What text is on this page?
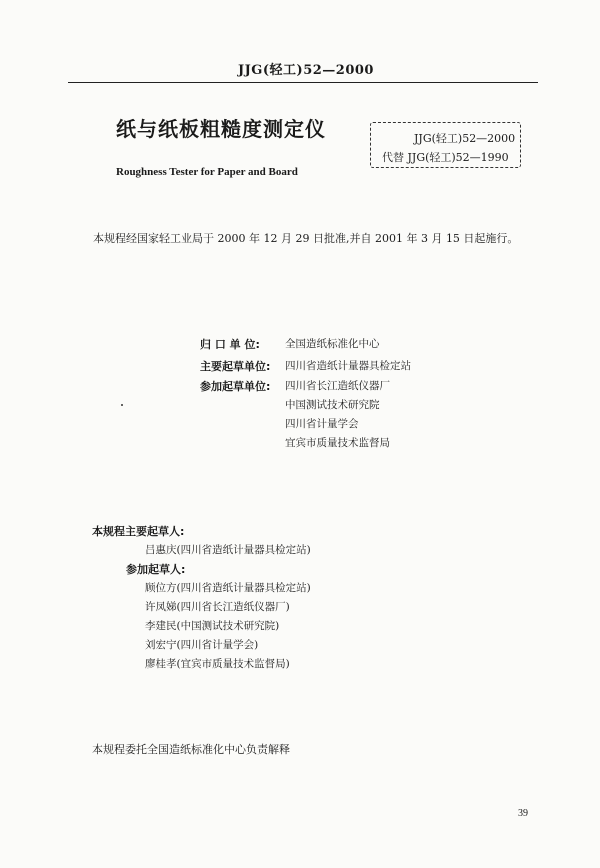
JJG(轻工)52—2000
纸与纸板粗糙度测定仪
Roughness Tester for Paper and Board
JJG(轻工)52—2000
代替 JJG(轻工)52—1990
本规程经国家轻工业局于 2000 年 12 月 29 日批准,并自 2001 年 3 月 15 日起施行。
归 口 单 位: 全国造纸标准化中心
主要起草单位: 四川省造纸计量器具检定站
参加起草单位: 四川省长江造纸仪器厂
中国测试技术研究院
四川省计量学会
宜宾市质量技术监督局
本规程主要起草人:
吕惠庆(四川省造纸计量器具检定站)
参加起草人:
顾位方(四川省造纸计量器具检定站)
许凤娣(四川省长江造纸仪器厂)
李建民(中国测试技术研究院)
刘宏宁(四川省计量学会)
廖桂孝(宜宾市质量技术监督局)
本规程委托全国造纸标准化中心负责解释
39
